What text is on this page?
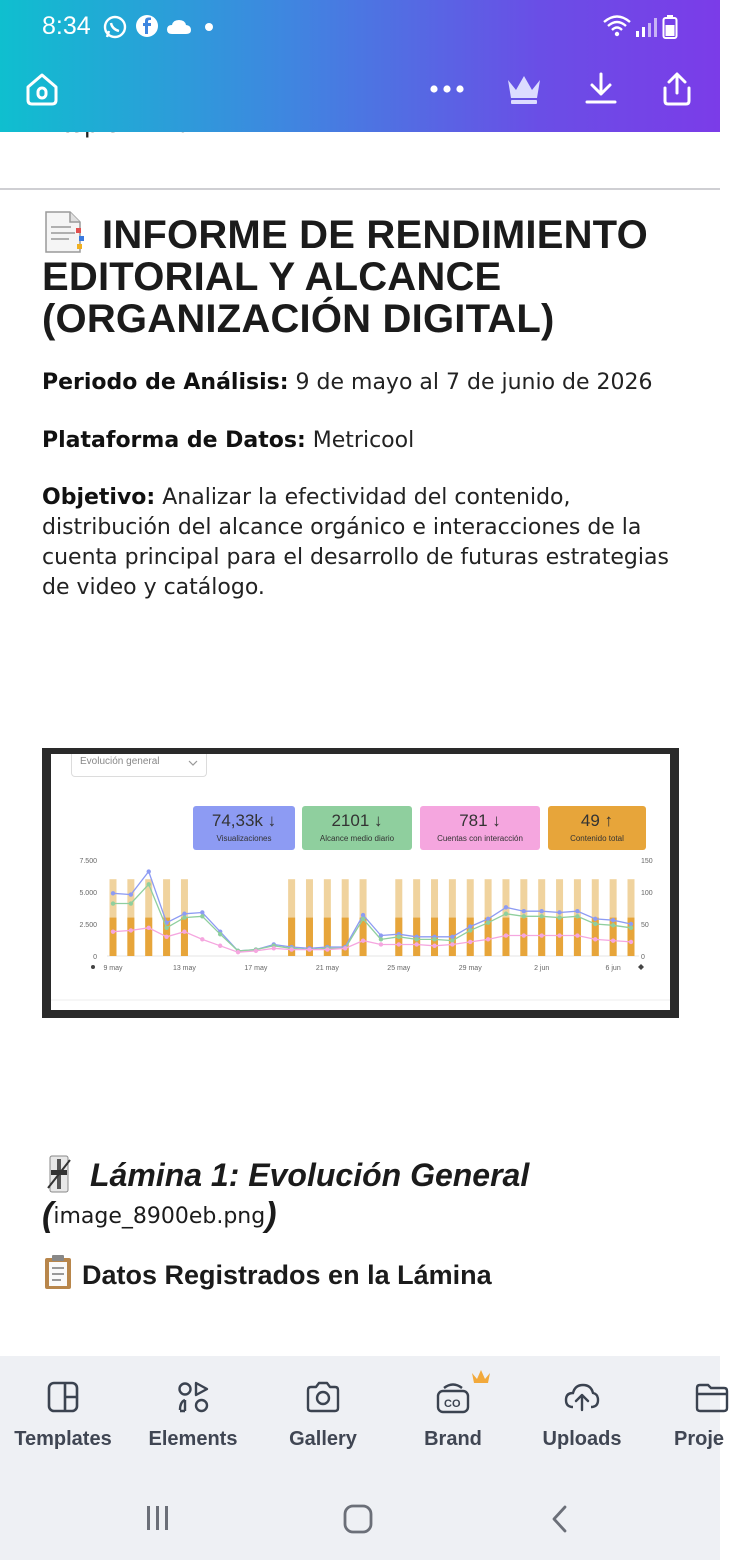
8:34
INFORME DE RENDIMIENTO EDITORIAL Y ALCANCE (ORGANIZACIÓN DIGITAL)

Periodo de Análisis: 9 de mayo al 7 de junio de 2026

Plataforma de Datos: Metricool

Objetivo: Analizar la efectividad del contenido, distribución del alcance orgánico e interacciones de la cuenta principal para el desarrollo de futuras estrategias de video y catálogo.

Evolución general
74,33k ↓
Visualizaciones
2101 ↓
Alcance medio diario
781 ↓
Cuentas con interacción
49 ↑
Contenido total
7.500
5.000
2.500
0
150
100
50
0
9 may	13 may	17 may	21 may	25 may	29 may	2 jun	6 jun
Lámina 1: Evolución General
(image_8900eb.png)
Datos Registrados en la Lámina
Templates	Elements	Gallery
CO
Brand	Uploads	Proje
